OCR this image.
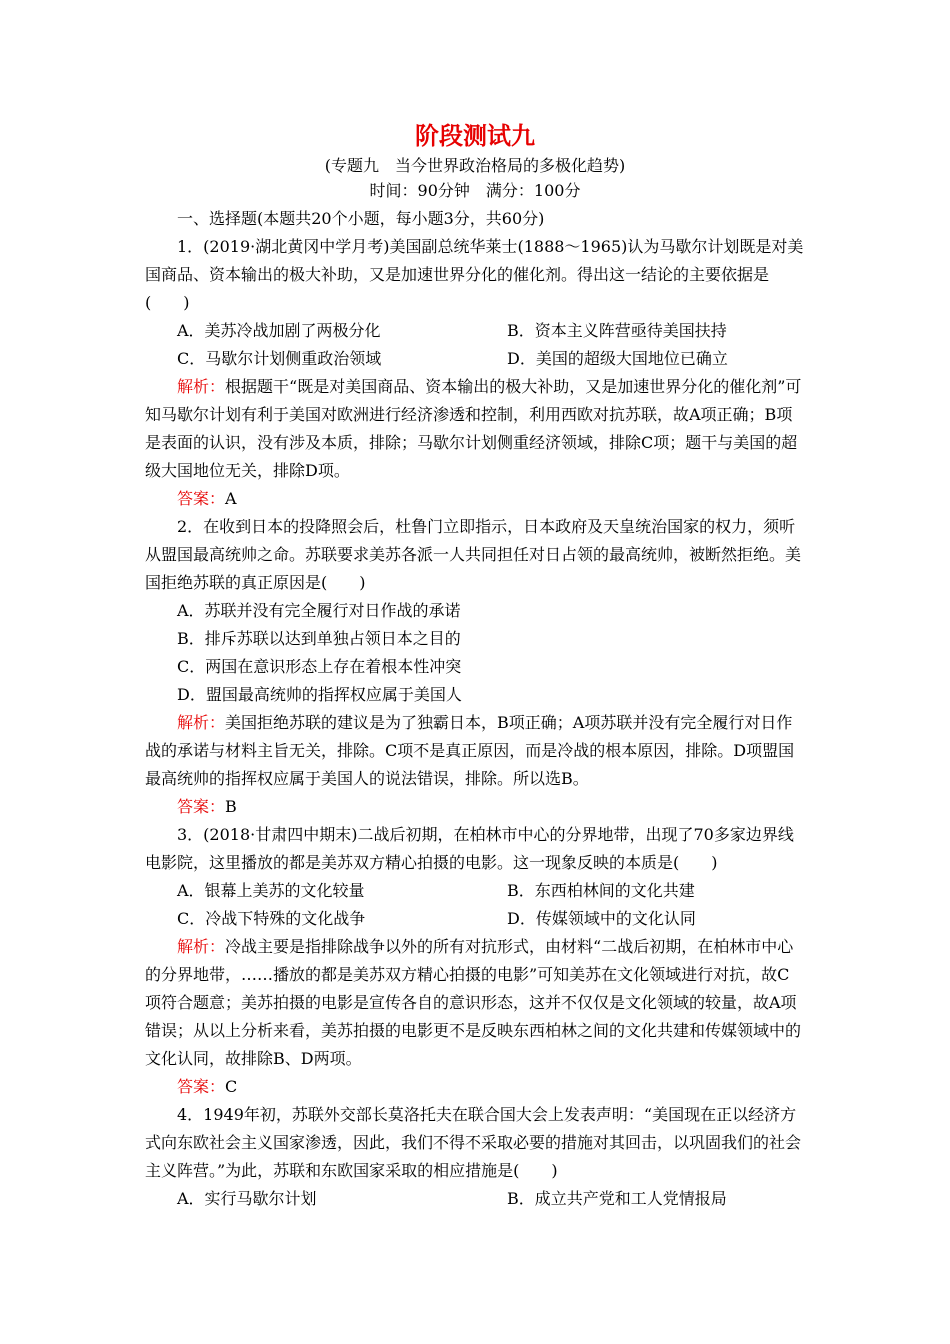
阶段测试九
(专题九　当今世界政治格局的多极化趋势)
时间：90分钟　满分：100分

一、选择题(本题共20个小题，每小题3分，共60分)

1．(2019·湖北黄冈中学月考)美国副总统华莱士(1888～1965)认为马歇尔计划既是对美国商品、资本输出的极大补助，又是加速世界分化的催化剂。得出这一结论的主要依据是(　　)

A．美苏冷战加剧了两极分化	B．资本主义阵营亟待美国扶持
C．马歇尔计划侧重政治领域	D．美国的超级大国地位已确立

解析：根据题干“既是对美国商品、资本输出的极大补助，又是加速世界分化的催化剂”可知马歇尔计划有利于美国对欧洲进行经济渗透和控制，利用西欧对抗苏联，故A项正确；B项是表面的认识，没有涉及本质，排除；马歇尔计划侧重经济领域，排除C项；题干与美国的超级大国地位无关，排除D项。

答案：A

2．在收到日本的投降照会后，杜鲁门立即指示，日本政府及天皇统治国家的权力，须听从盟国最高统帅之命。苏联要求美苏各派一人共同担任对日占领的最高统帅，被断然拒绝。美国拒绝苏联的真正原因是(　　)

A．苏联并没有完全履行对日作战的承诺

B．排斥苏联以达到单独占领日本之目的

C．两国在意识形态上存在着根本性冲突

D．盟国最高统帅的指挥权应属于美国人

解析：美国拒绝苏联的建议是为了独霸日本，B项正确；A项苏联并没有完全履行对日作战的承诺与材料主旨无关，排除。C项不是真正原因，而是冷战的根本原因，排除。D项盟国最高统帅的指挥权应属于美国人的说法错误，排除。所以选B。

答案：B

3．(2018·甘肃四中期末)二战后初期，在柏林市中心的分界地带，出现了70多家边界线电影院，这里播放的都是美苏双方精心拍摄的电影。这一现象反映的本质是(　　)

A．银幕上美苏的文化较量	B．东西柏林间的文化共建
C．冷战下特殊的文化战争	D．传媒领域中的文化认同

解析：冷战主要是指排除战争以外的所有对抗形式，由材料“二战后初期，在柏林市中心的分界地带，……播放的都是美苏双方精心拍摄的电影”可知美苏在文化领域进行对抗，故C项符合题意；美苏拍摄的电影是宣传各自的意识形态，这并不仅仅是文化领域的较量，故A项错误；从以上分析来看，美苏拍摄的电影更不是反映东西柏林之间的文化共建和传媒领域中的文化认同，故排除B、D两项。

答案：C

4．1949年初，苏联外交部长莫洛托夫在联合国大会上发表声明：“美国现在正以经济方式向东欧社会主义国家渗透，因此，我们不得不采取必要的措施对其回击，以巩固我们的社会主义阵营。”为此，苏联和东欧国家采取的相应措施是(　　)

A．实行马歇尔计划	B．成立共产党和工人党情报局
